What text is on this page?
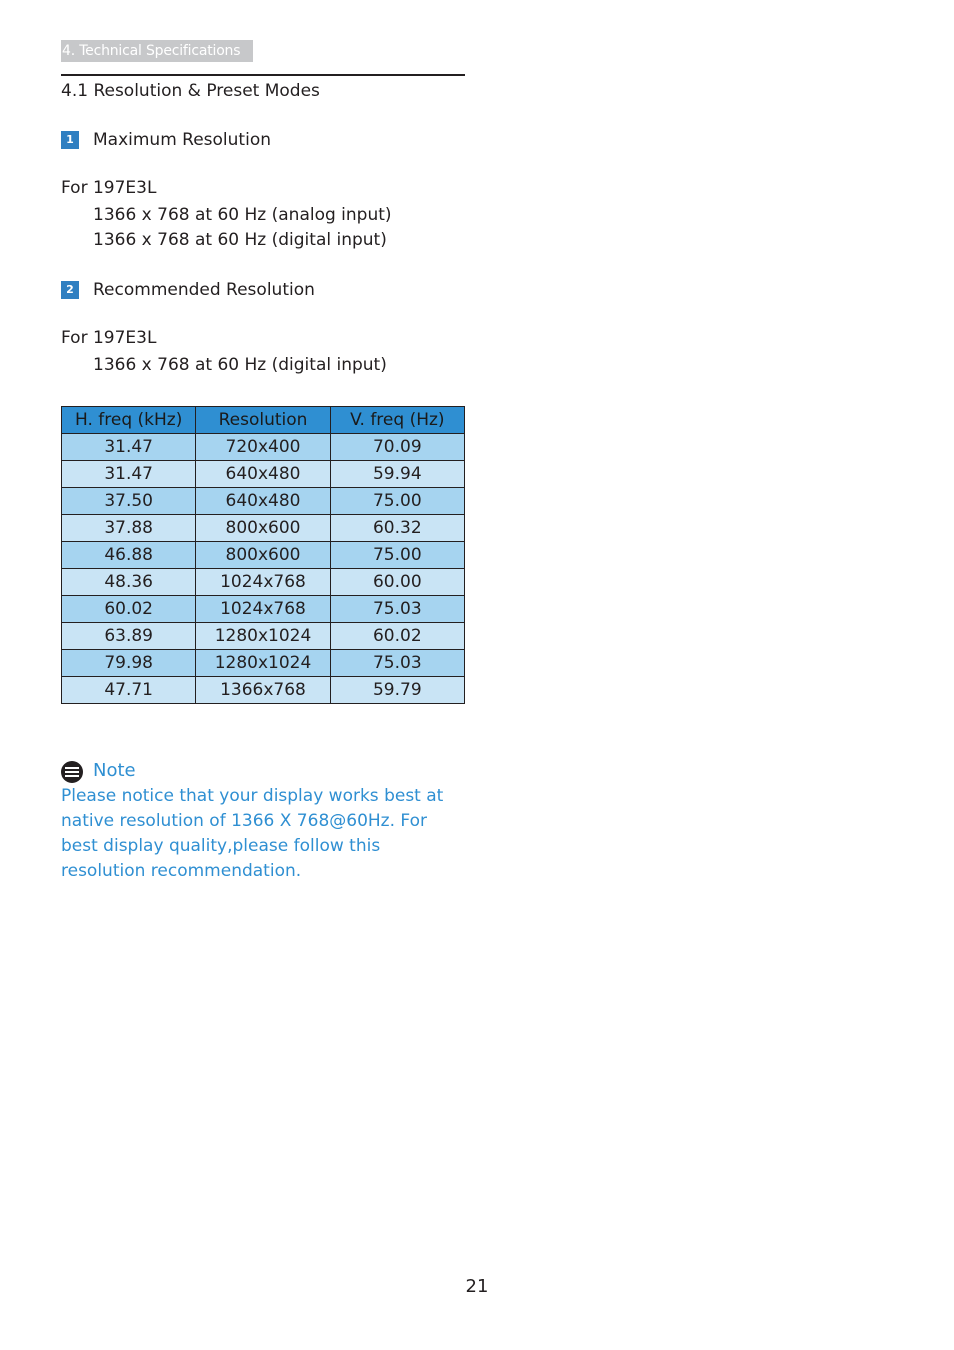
4. Technical Specifications
4.1 Resolution & Preset Modes
1	Maximum Resolution
For 197E3L
1366 x 768 at 60 Hz (analog input)
1366 x 768 at 60 Hz (digital input)
2	Recommended Resolution
For 197E3L
1366 x 768 at 60 Hz (digital input)
H. freq (kHz)	Resolution	V. freq (Hz)
31.47	720x400	70.09
31.47	640x480	59.94
37.50	640x480	75.00
37.88	800x600	60.32
46.88	800x600	75.00
48.36	1024x768	60.00
60.02	1024x768	75.03
63.89	1280x1024	60.02
79.98	1280x1024	75.03
47.71	1366x768	59.79
Note
Please notice that your display works best at native resolution of 1366 X 768@60Hz. For best display quality,please follow this resolution recommendation.
21
